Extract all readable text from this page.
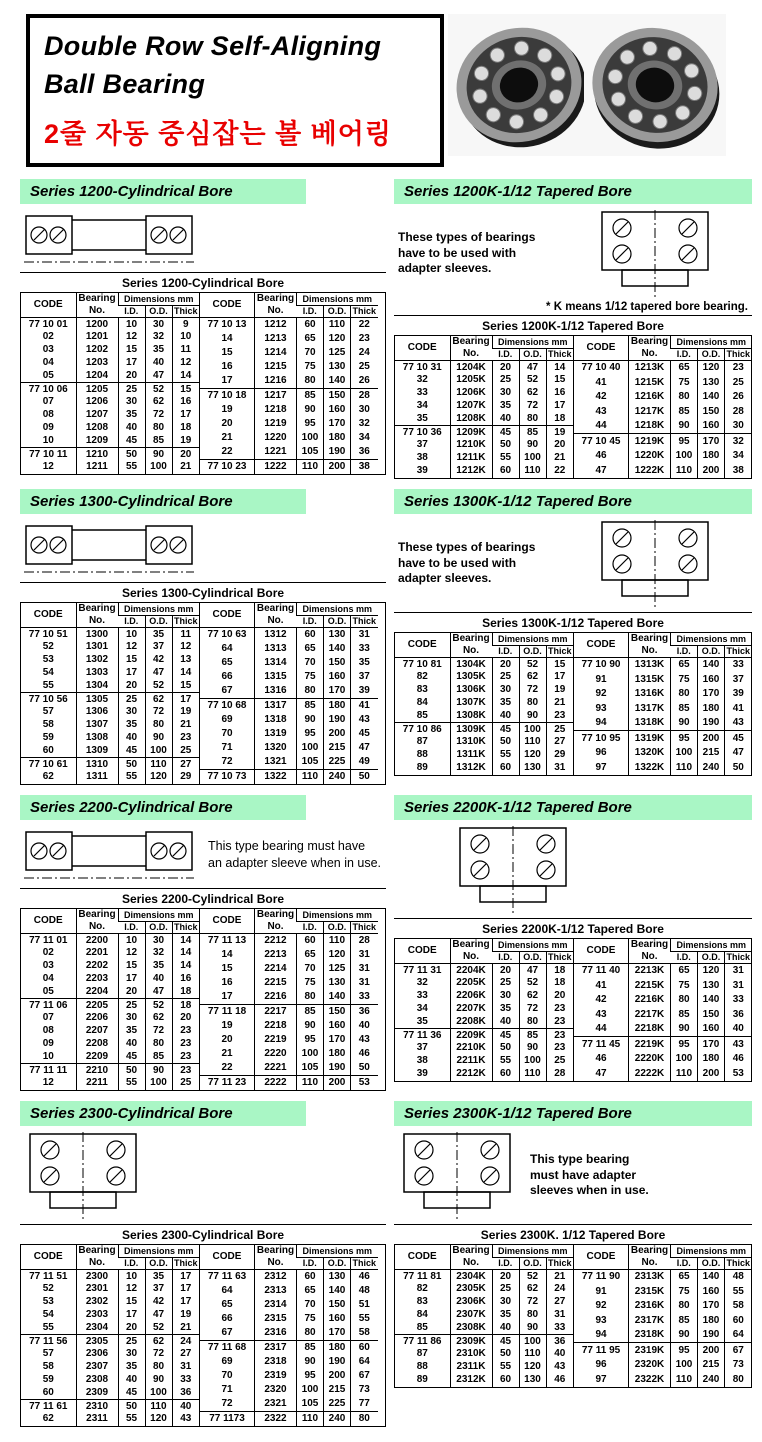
Double Row Self-Aligning
Ball Bearing
2줄 자동 중심잡는 볼 베어링
Series 1200-Cylindrical Bore
Series 1200-Cylindrical Bore
CODE	Bearing No.	Dimensions mm		
		I.D.	O.D.	Thick
77 10 01	1200	10	30	9
02	1201	12	32	10
03	1202	15	35	11
04	1203	17	40	12
05	1204	20	47	14
77 10 06	1205	25	52	15
07	1206	30	62	16
08	1207	35	72	17
09	1208	40	80	18
10	1209	45	85	19
77 10 11	1210	50	90	20
12	1211	55	100	21
CODE	Bearing No.	Dimensions mm		
		I.D.	O.D.	Thick
77 10 13	1212	60	110	22
14	1213	65	120	23
15	1214	70	125	24
16	1215	75	130	25
17	1216	80	140	26
77 10 18	1217	85	150	28
19	1218	90	160	30
20	1219	95	170	32
21	1220	100	180	34
22	1221	105	190	36
77 10 23	1222	110	200	38
Series 1200K-1/12 Tapered Bore
These types of bearings have to be used with adapter sleeves.
* K means 1/12 tapered bore bearing.
Series 1200K-1/12 Tapered Bore
CODE	Bearing No.	Dimensions mm		
		I.D.	O.D.	Thick
77 10 31	1204K	20	47	14
32	1205K	25	52	15
33	1206K	30	62	16
34	1207K	35	72	17
35	1208K	40	80	18
77 10 36	1209K	45	85	19
37	1210K	50	90	20
38	1211K	55	100	21
39	1212K	60	110	22
CODE	Bearing No.	Dimensions mm		
		I.D.	O.D.	Thick
77 10 40	1213K	65	120	23
41	1215K	75	130	25
42	1216K	80	140	26
43	1217K	85	150	28
44	1218K	90	160	30
77 10 45	1219K	95	170	32
46	1220K	100	180	34
47	1222K	110	200	38
Series 1300-Cylindrical Bore
Series 1300-Cylindrical Bore
CODE	Bearing No.	Dimensions mm		
		I.D.	O.D.	Thick
77 10 51	1300	10	35	11
52	1301	12	37	12
53	1302	15	42	13
54	1303	17	47	14
55	1304	20	52	15
77 10 56	1305	25	62	17
57	1306	30	72	19
58	1307	35	80	21
59	1308	40	90	23
60	1309	45	100	25
77 10 61	1310	50	110	27
62	1311	55	120	29
CODE	Bearing No.	Dimensions mm		
		I.D.	O.D.	Thick
77 10 63	1312	60	130	31
64	1313	65	140	33
65	1314	70	150	35
66	1315	75	160	37
67	1316	80	170	39
77 10 68	1317	85	180	41
69	1318	90	190	43
70	1319	95	200	45
71	1320	100	215	47
72	1321	105	225	49
77 10 73	1322	110	240	50
Series 1300K-1/12 Tapered Bore
These types of bearings have to be used with adapter sleeves.
Series 1300K-1/12 Tapered Bore
CODE	Bearing No.	Dimensions mm		
		I.D.	O.D.	Thick
77 10 81	1304K	20	52	15
82	1305K	25	62	17
83	1306K	30	72	19
84	1307K	35	80	21
85	1308K	40	90	23
77 10 86	1309K	45	100	25
87	1310K	50	110	27
88	1311K	55	120	29
89	1312K	60	130	31
CODE	Bearing No.	Dimensions mm		
		I.D.	O.D.	Thick
77 10 90	1313K	65	140	33
91	1315K	75	160	37
92	1316K	80	170	39
93	1317K	85	180	41
94	1318K	90	190	43
77 10 95	1319K	95	200	45
96	1320K	100	215	47
97	1322K	110	240	50
Series 2200-Cylindrical Bore
This type bearing must have an adapter sleeve when in use.
Series 2200-Cylindrical Bore
CODE	Bearing No.	Dimensions mm		
		I.D.	O.D.	Thick
77 11 01	2200	10	30	14
02	2201	12	32	14
03	2202	15	35	14
04	2203	17	40	16
05	2204	20	47	18
77 11 06	2205	25	52	18
07	2206	30	62	20
08	2207	35	72	23
09	2208	40	80	23
10	2209	45	85	23
77 11 11	2210	50	90	23
12	2211	55	100	25
CODE	Bearing No.	Dimensions mm		
		I.D.	O.D.	Thick
77 11 13	2212	60	110	28
14	2213	65	120	31
15	2214	70	125	31
16	2215	75	130	31
17	2216	80	140	33
77 11 18	2217	85	150	36
19	2218	90	160	40
20	2219	95	170	43
21	2220	100	180	46
22	2221	105	190	50
77 11 23	2222	110	200	53
Series 2200K-1/12 Tapered Bore
Series 2200K-1/12 Tapered Bore
CODE	Bearing No.	Dimensions mm		
		I.D.	O.D.	Thick
77 11 31	2204K	20	47	18
32	2205K	25	52	18
33	2206K	30	62	20
34	2207K	35	72	23
35	2208K	40	80	23
77 11 36	2209K	45	85	23
37	2210K	50	90	23
38	2211K	55	100	25
39	2212K	60	110	28
CODE	Bearing No.	Dimensions mm		
		I.D.	O.D.	Thick
77 11 40	2213K	65	120	31
41	2215K	75	130	31
42	2216K	80	140	33
43	2217K	85	150	36
44	2218K	90	160	40
77 11 45	2219K	95	170	43
46	2220K	100	180	46
47	2222K	110	200	53
Series 2300-Cylindrical Bore
Series 2300-Cylindrical Bore
CODE	Bearing No.	Dimensions mm		
		I.D.	O.D.	Thick
77 11 51	2300	10	35	17
52	2301	12	37	17
53	2302	15	42	17
54	2303	17	47	19
55	2304	20	52	21
77 11 56	2305	25	62	24
57	2306	30	72	27
58	2307	35	80	31
59	2308	40	90	33
60	2309	45	100	36
77 11 61	2310	50	110	40
62	2311	55	120	43
CODE	Bearing No.	Dimensions mm		
		I.D.	O.D.	Thick
77 11 63	2312	60	130	46
64	2313	65	140	48
65	2314	70	150	51
66	2315	75	160	55
67	2316	80	170	58
77 11 68	2317	85	180	60
69	2318	90	190	64
70	2319	95	200	67
71	2320	100	215	73
72	2321	105	225	77
77 1173	2322	110	240	80
Series 2300K-1/12 Tapered Bore
This type bearing must have adapter sleeves when in use.
Series 2300K. 1/12 Tapered Bore
CODE	Bearing No.	Dimensions mm		
		I.D.	O.D.	Thick
77 11 81	2304K	20	52	21
82	2305K	25	62	24
83	2306K	30	72	27
84	2307K	35	80	31
85	2308K	40	90	33
77 11 86	2309K	45	100	36
87	2310K	50	110	40
88	2311K	55	120	43
89	2312K	60	130	46
CODE	Bearing No.	Dimensions mm		
		I.D.	O.D.	Thick
77 11 90	2313K	65	140	48
91	2315K	75	160	55
92	2316K	80	170	58
93	2317K	85	180	60
94	2318K	90	190	64
77 11 95	2319K	95	200	67
96	2320K	100	215	73
97	2322K	110	240	80
